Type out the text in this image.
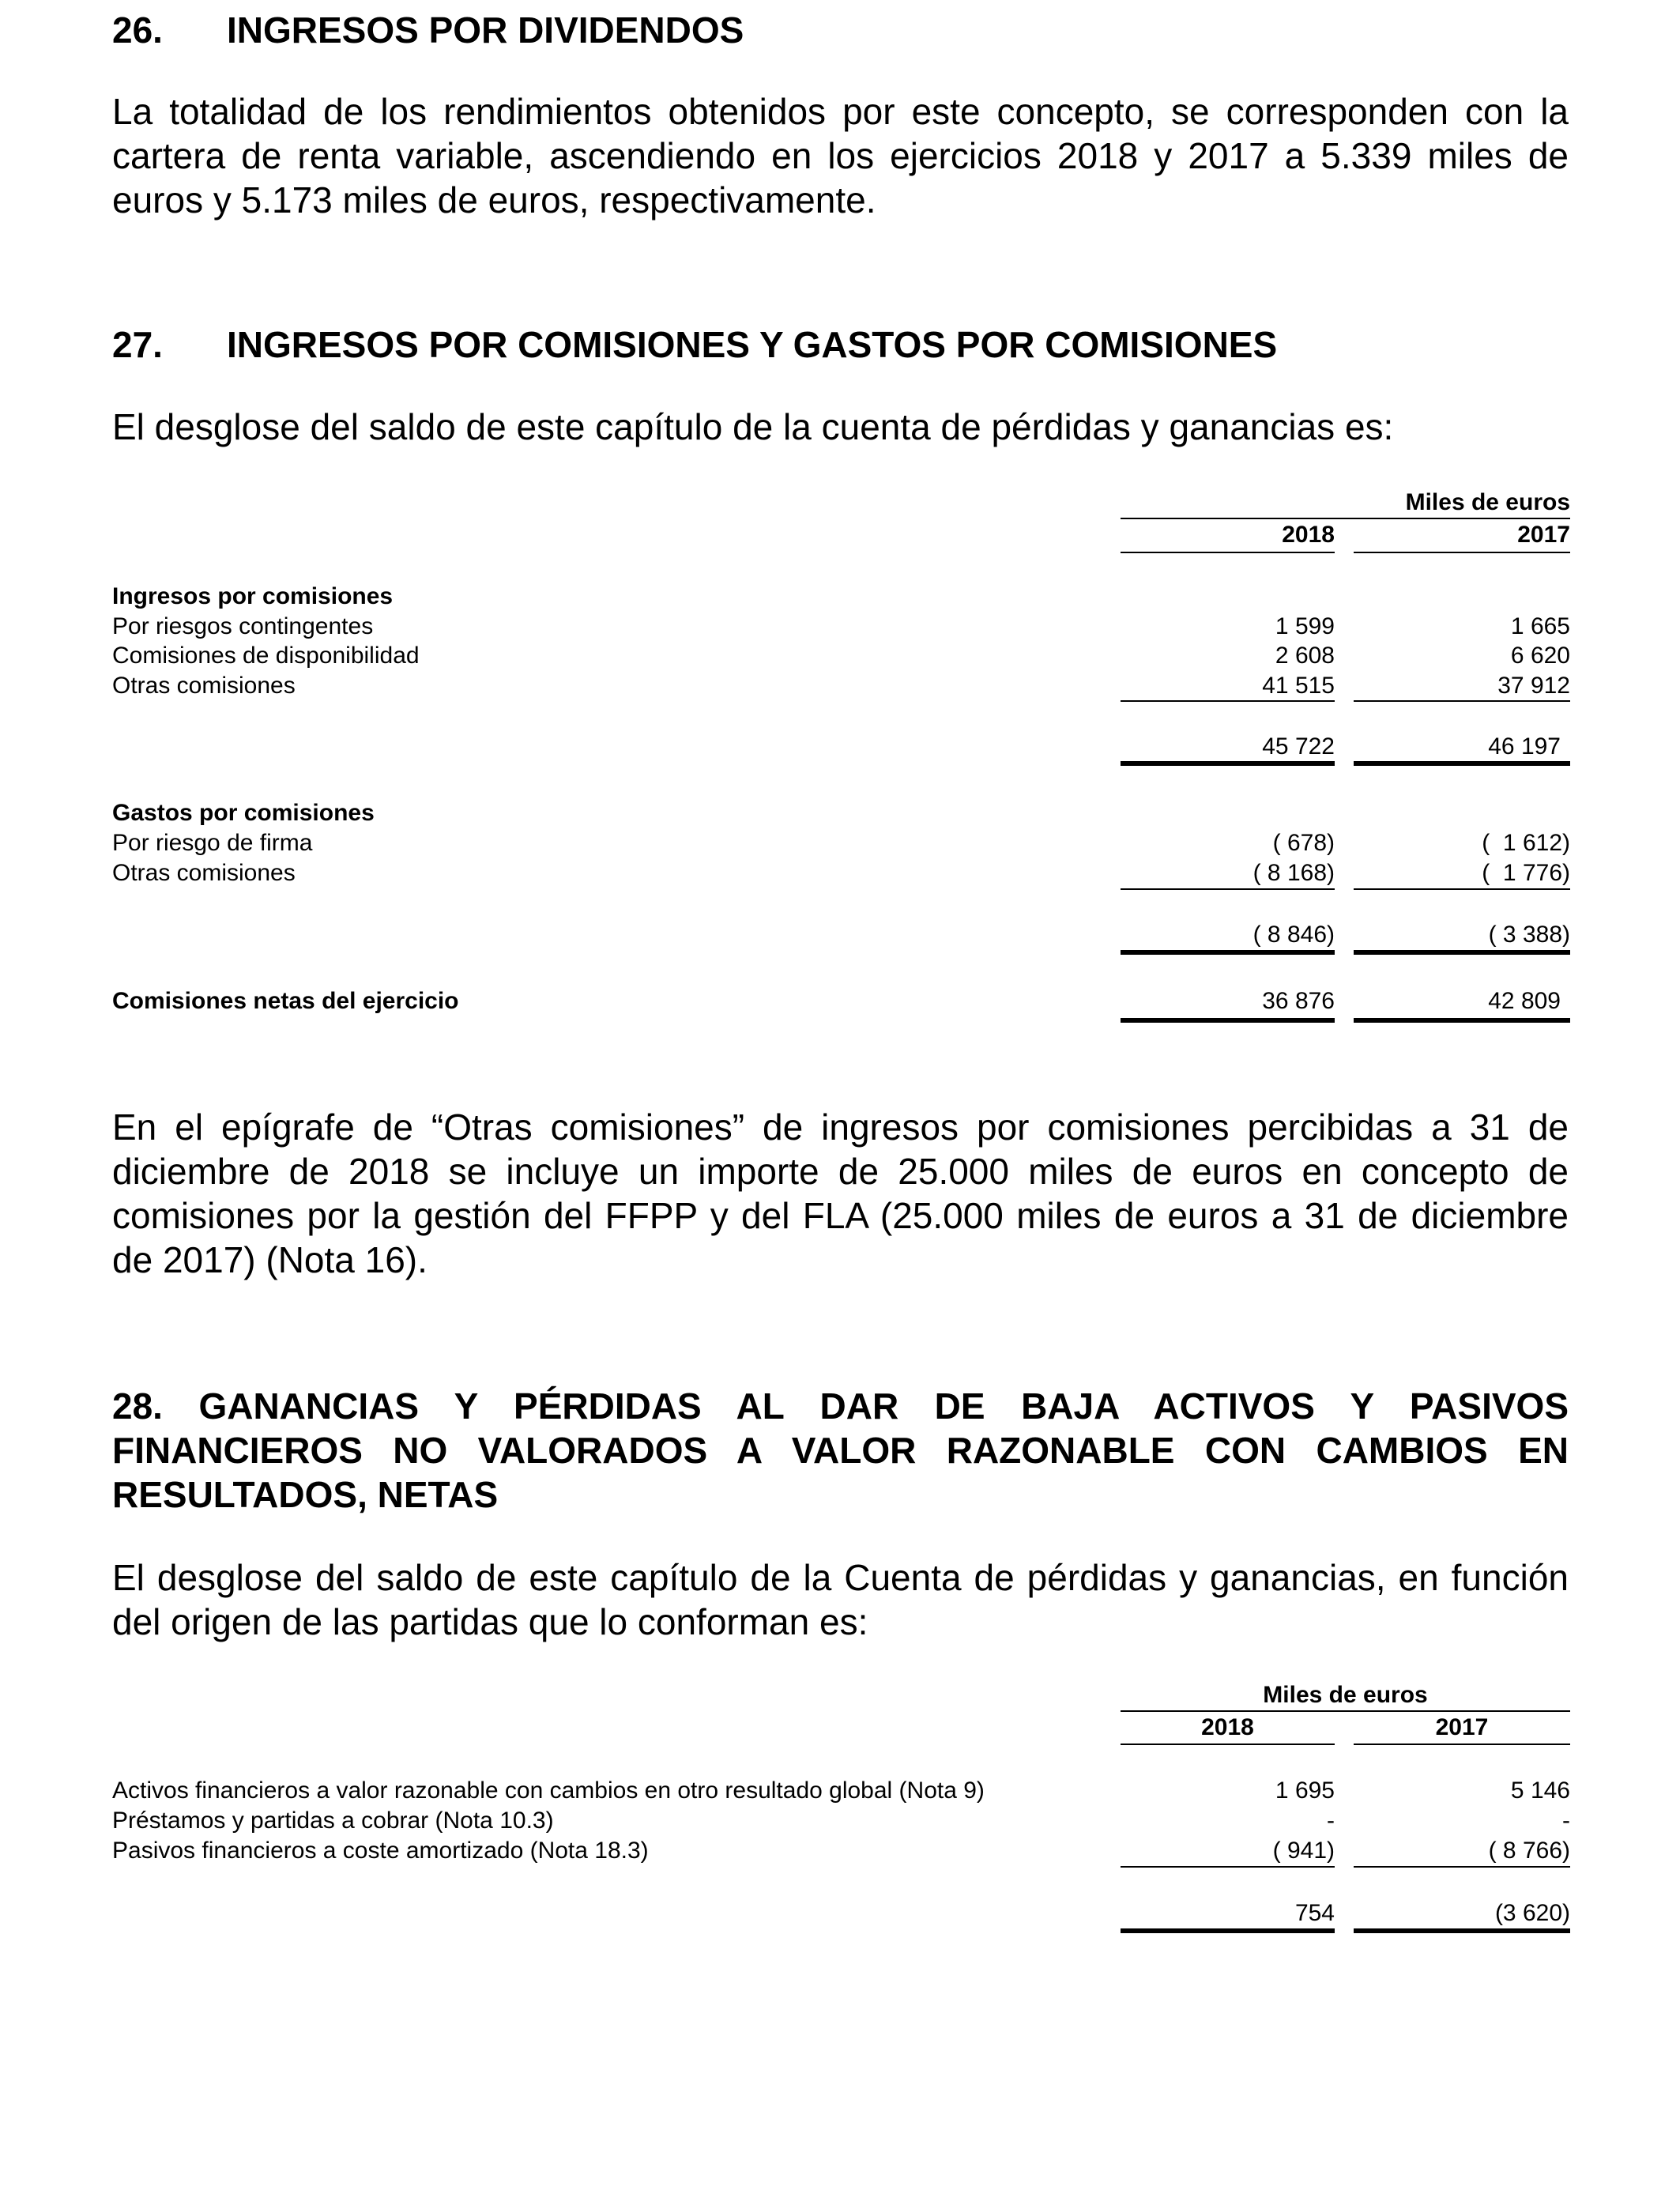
26. INGRESOS POR DIVIDENDOS
La totalidad de los rendimientos obtenidos por este concepto, se corresponden con la cartera de renta variable, ascendiendo en los ejercicios 2018 y 2017 a 5.339 miles de euros y 5.173 miles de euros, respectivamente.
27. INGRESOS POR COMISIONES Y GASTOS POR COMISIONES
El desglose del saldo de este capítulo de la cuenta de pérdidas y ganancias es:
Miles de euros
2018	2017
Ingresos por comisiones
Por riesgos contingentes	1 599	1 665
Comisiones de disponibilidad	2 608	6 620
Otras comisiones	41 515	37 912
45 722	46 197
Gastos por comisiones
Por riesgo de firma	( 678)	(  1 612)
Otras comisiones	( 8 168)	(  1 776)
( 8 846)	( 3 388)
Comisiones netas del ejercicio	36 876	42 809
En el epígrafe de “Otras comisiones” de ingresos por comisiones percibidas a 31 de diciembre de 2018 se incluye un importe de 25.000 miles de euros en concepto de comisiones por la gestión del FFPP y del FLA (25.000 miles de euros a 31 de diciembre de 2017) (Nota 16).
28. GANANCIAS Y PÉRDIDAS AL DAR DE BAJA ACTIVOS Y PASIVOS FINANCIEROS NO VALORADOS A VALOR RAZONABLE CON CAMBIOS EN RESULTADOS, NETAS
El desglose del saldo de este capítulo de la Cuenta de pérdidas y ganancias, en función del origen de las partidas que lo conforman es:
Miles de euros
2018	2017
Activos financieros a valor razonable con cambios en otro resultado global (Nota 9)	1 695	5 146
Préstamos y partidas a cobrar (Nota 10.3)	-	-
Pasivos financieros a coste amortizado (Nota 18.3)	( 941)	( 8 766)
754	(3 620)
